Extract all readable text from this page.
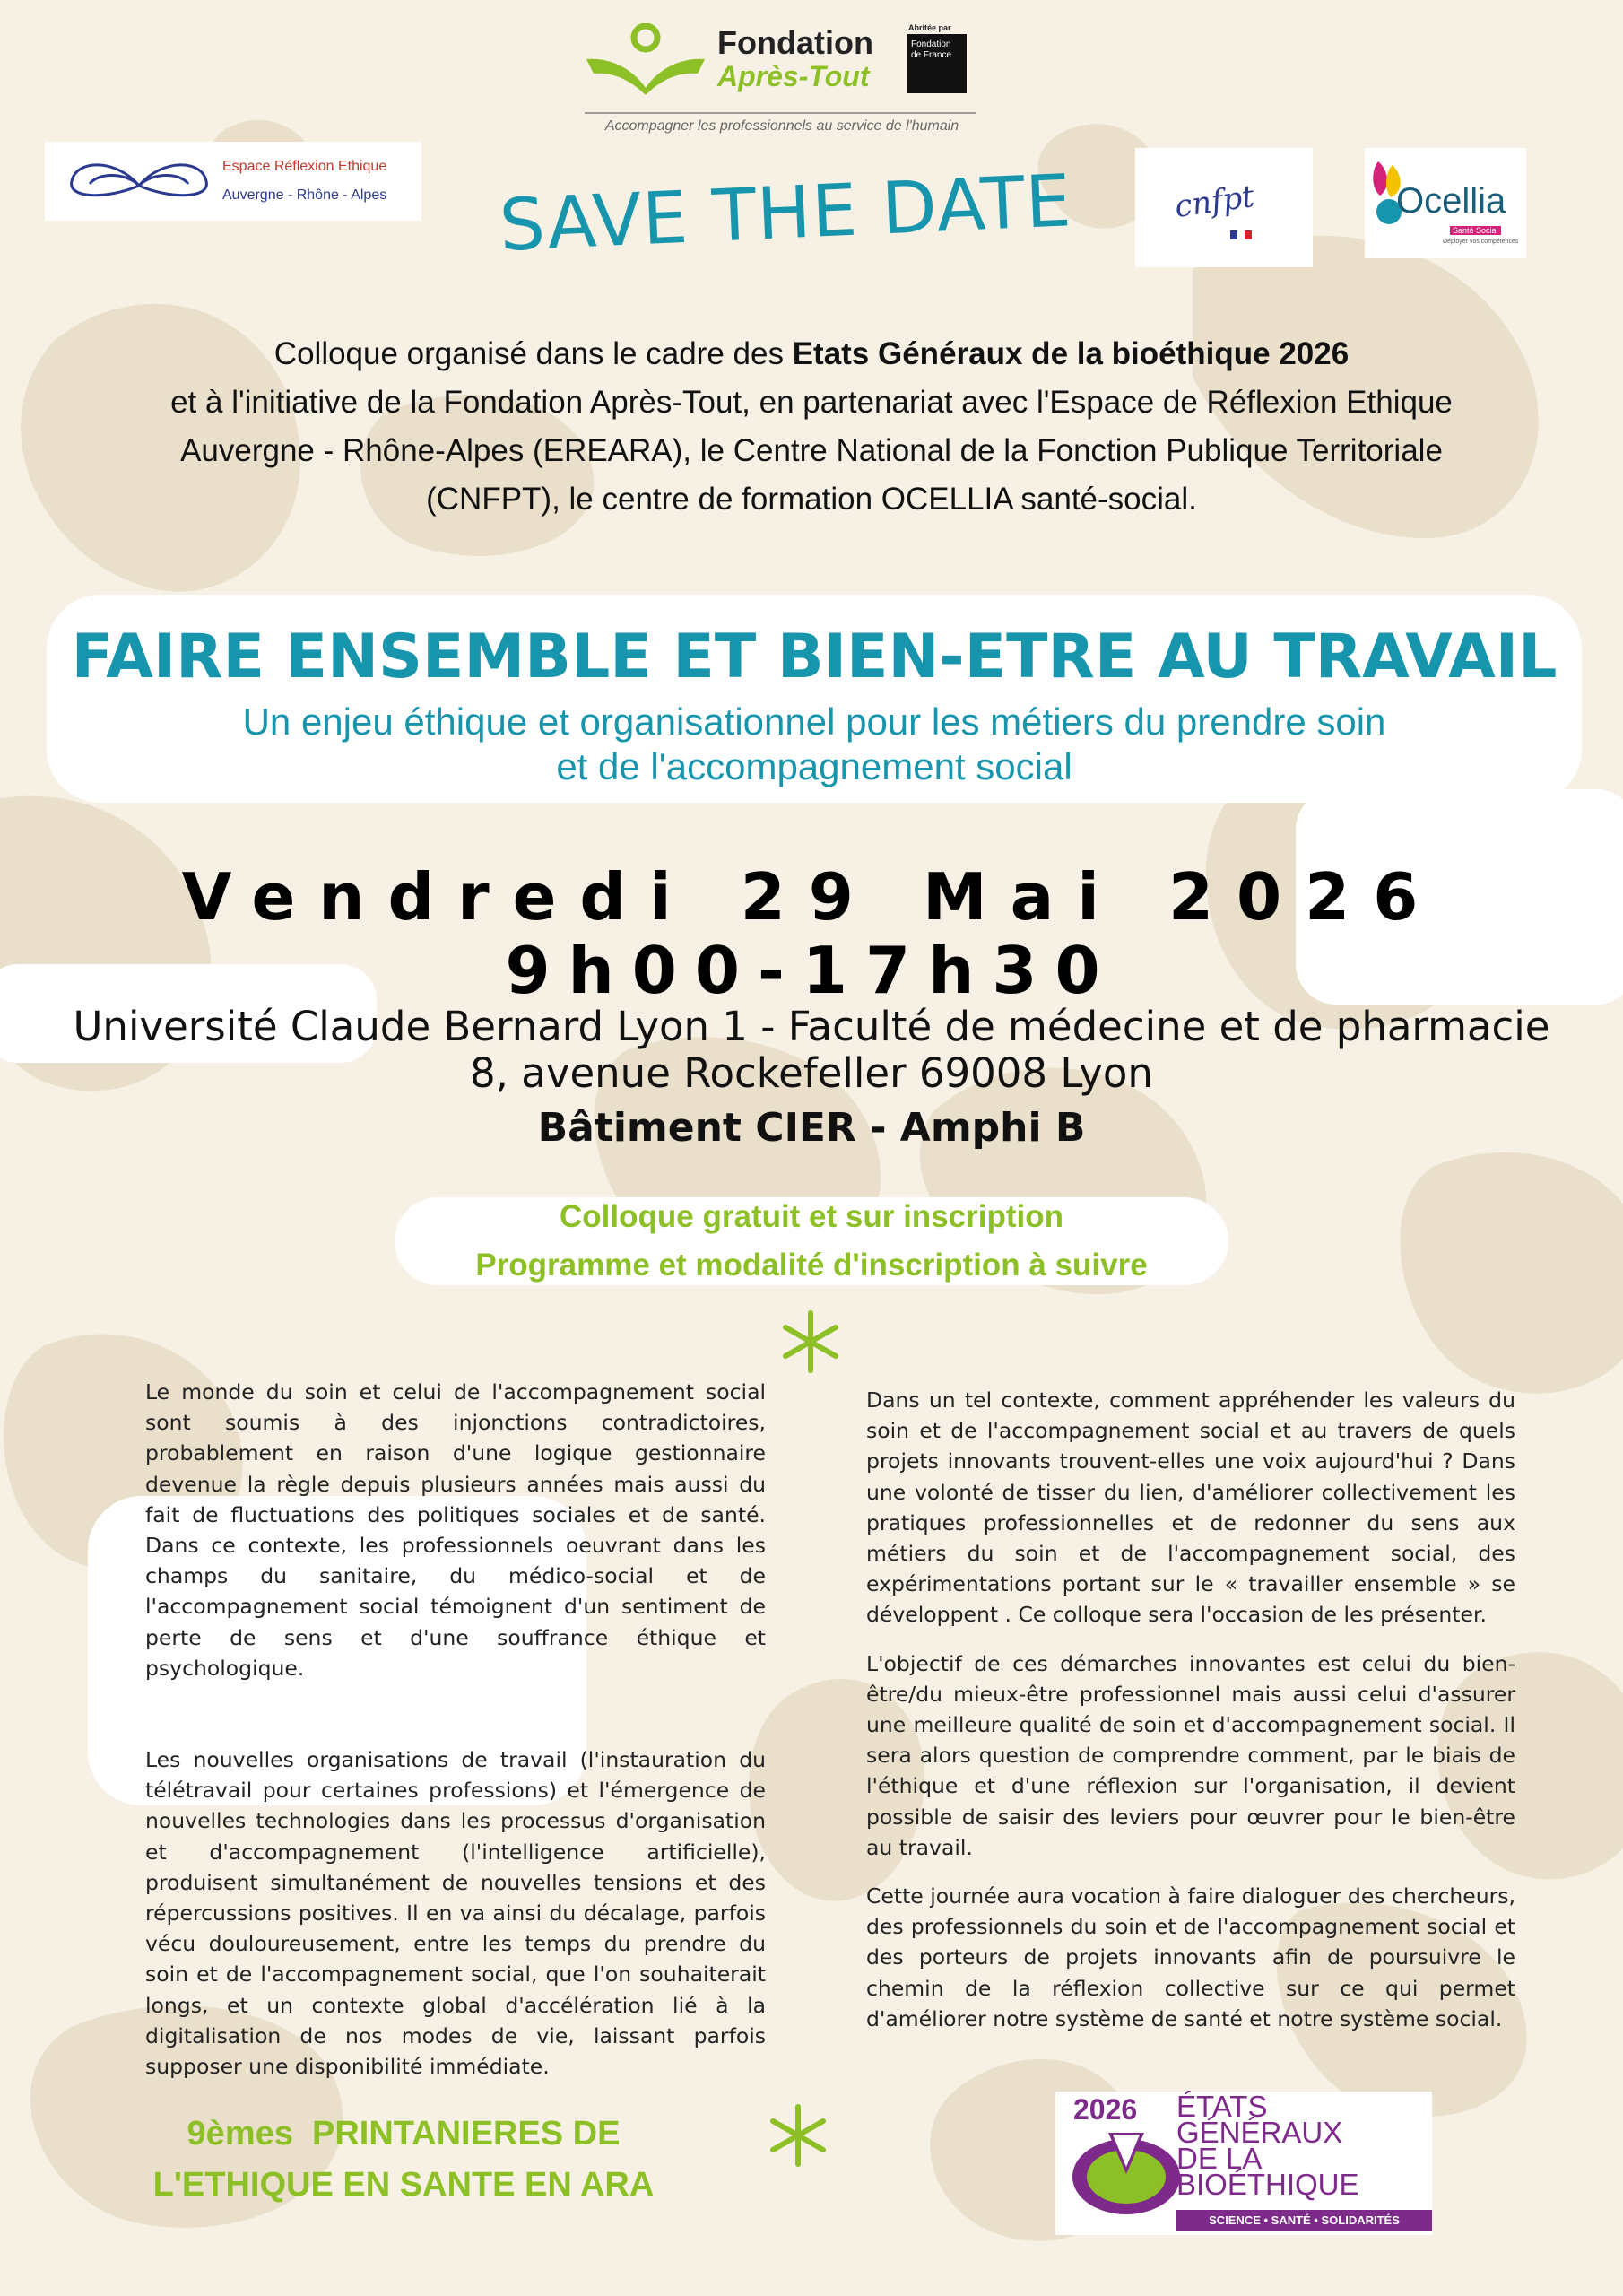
Fondation
Après-Tout
Abritée par
Fondation de France
Accompagner les professionnels au service de l'humain
Espace Réflexion Ethique
Auvergne - Rhône - Alpes	cnfpt	Ocellia
Santé Social
Déployer vos compétences
SAVE THE DATE
Colloque organisé dans le cadre des Etats Généraux de la bioéthique 2026
et à l'initiative de la Fondation Après-Tout, en partenariat avec l'Espace de Réflexion Ethique
Auvergne - Rhône-Alpes (EREARA), le Centre National de la Fonction Publique Territoriale
(CNFPT), le centre de formation OCELLIA santé-social.
FAIRE ENSEMBLE ET BIEN-ETRE AU TRAVAIL
Un enjeu éthique et organisationnel pour les métiers du prendre soin
et de l'accompagnement social
Vendredi 29 Mai 2026
9h00-17h30
Université Claude Bernard Lyon 1 - Faculté de médecine et de pharmacie
8, avenue Rockefeller 69008 Lyon
Bâtiment CIER - Amphi B
Colloque gratuit et sur inscription
Programme et modalité d'inscription à suivre

Le monde du soin et celui de l'accompagnement social sont soumis à des injonctions contradictoires, probablement en raison d'une logique gestionnaire devenue la règle depuis plusieurs années mais aussi du fait de fluctuations des politiques sociales et de santé. Dans ce contexte, les professionnels oeuvrant dans les champs du sanitaire, du médico-social et de l'accompagnement social témoignent d'un sentiment de perte de sens et d'une souffrance éthique et psychologique.

Les nouvelles organisations de travail (l'instauration du télétravail pour certaines professions) et l'émergence de nouvelles technologies dans les processus d'organisation et d'accompagnement (l'intelligence artificielle), produisent simultanément de nouvelles tensions et des répercussions positives. Il en va ainsi du décalage, parfois vécu douloureusement, entre les temps du prendre du soin et de l'accompagnement social, que l'on souhaiterait longs, et un contexte global d'accélération lié à la digitalisation de nos modes de vie, laissant parfois supposer une disponibilité immédiate.

Dans un tel contexte, comment appréhender les valeurs du soin et de l'accompagnement social et au travers de quels projets innovants trouvent-elles une voix aujourd'hui ? Dans une volonté de tisser du lien, d'améliorer collectivement les pratiques professionnelles et de redonner du sens aux métiers du soin et de l'accompagnement social, des expérimentations portant sur le « travailler ensemble » se développent . Ce colloque sera l'occasion de les présenter.

L'objectif de ces démarches innovantes est celui du bien-être/du mieux-être professionnel mais aussi celui d'assurer une meilleure qualité de soin et d'accompagnement social. Il sera alors question de comprendre comment, par le biais de l'éthique et d'une réflexion sur l'organisation, il devient possible de saisir des leviers pour œuvrer pour le bien-être au travail.

Cette journée aura vocation à faire dialoguer des chercheurs, des professionnels du soin et de l'accompagnement social et des porteurs de projets innovants afin de poursuivre le chemin de la réflexion collective sur ce qui permet d'améliorer notre système de santé et notre système social.

9èmes  PRINTANIERES DE
L'ETHIQUE EN SANTE EN ARA
2026 ÉTATS
GÉNÉRAUX
DE LA
BIOÉTHIQUE
SCIENCE • SANTÉ • SOLIDARITÉS
